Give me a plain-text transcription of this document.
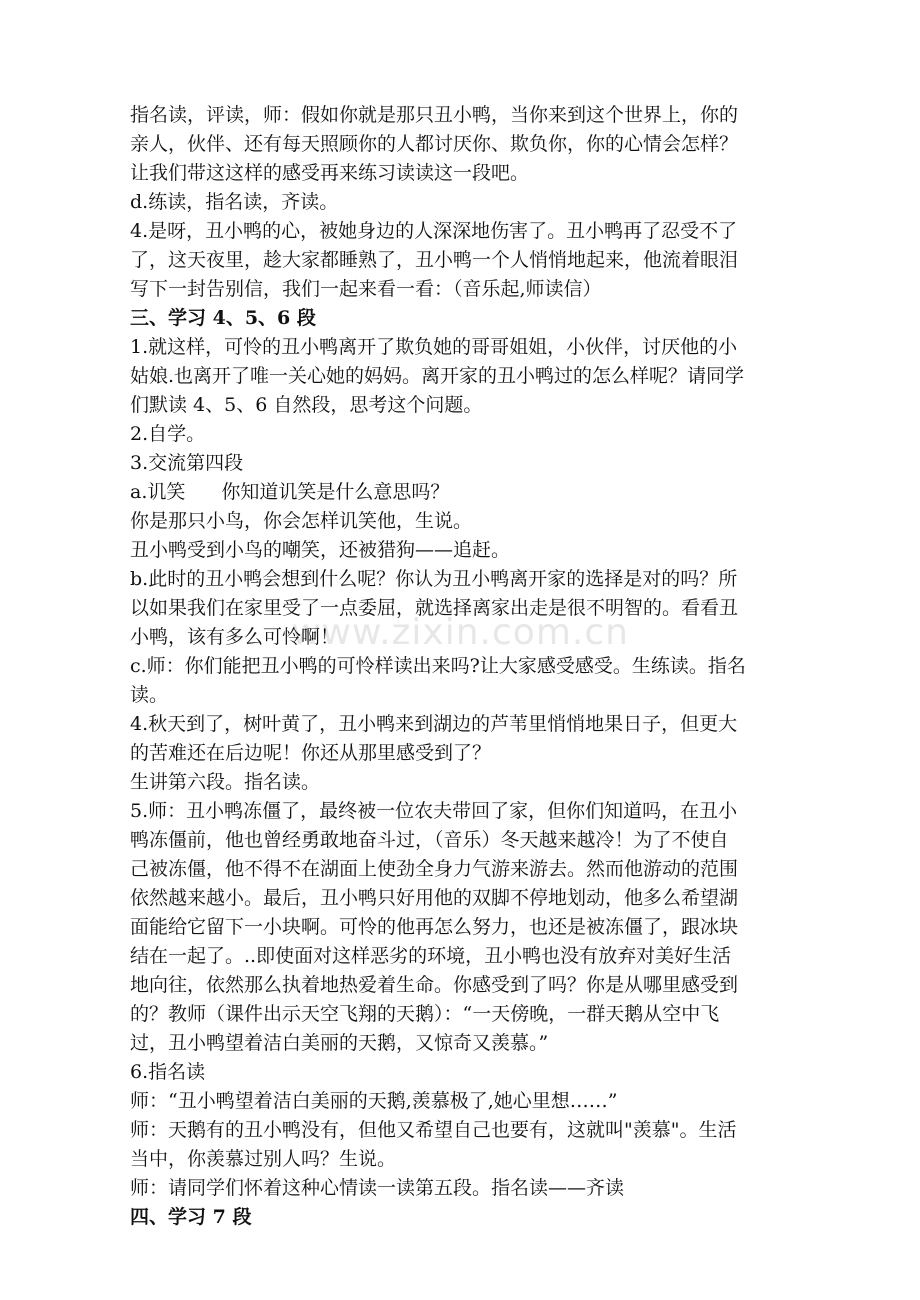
www.zixin.com.cn
指名读，评读，师：假如你就是那只丑小鸭，当你来到这个世界上，你的
亲人，伙伴、还有每天照顾你的人都讨厌你、欺负你，你的心情会怎样？
让我们带这这样的感受再来练习读读这一段吧。
d.练读，指名读，齐读。
4.是呀，丑小鸭的心，被她身边的人深深地伤害了。丑小鸭再了忍受不了
了，这天夜里，趁大家都睡熟了，丑小鸭一个人悄悄地起来，他流着眼泪
写下一封告别信，我们一起来看一看：（音乐起,师读信）
三、学习 4、5、6 段
1.就这样，可怜的丑小鸭离开了欺负她的哥哥姐姐，小伙伴，讨厌他的小
姑娘.也离开了唯一关心她的妈妈。离开家的丑小鸭过的怎么样呢？请同学
们默读 4、5、6 自然段，思考这个问题。
2.自学。
3.交流第四段
a.讥笑 你知道讥笑是什么意思吗？
你是那只小鸟，你会怎样讥笑他，生说。
丑小鸭受到小鸟的嘲笑，还被猎狗——追赶。
b.此时的丑小鸭会想到什么呢？你认为丑小鸭离开家的选择是对的吗？所
以如果我们在家里受了一点委屈，就选择离家出走是很不明智的。看看丑
小鸭，该有多么可怜啊！
c.师：你们能把丑小鸭的可怜样读出来吗?让大家感受感受。生练读。指名
读。
4.秋天到了，树叶黄了，丑小鸭来到湖边的芦苇里悄悄地果日子，但更大
的苦难还在后边呢！你还从那里感受到了？
生讲第六段。指名读。
5.师：丑小鸭冻僵了，最终被一位农夫带回了家，但你们知道吗，在丑小
鸭冻僵前，他也曾经勇敢地奋斗过，（音乐）冬天越来越冷！为了不使自
己被冻僵，他不得不在湖面上使劲全身力气游来游去。然而他游动的范围
依然越来越小。最后，丑小鸭只好用他的双脚不停地划动，他多么希望湖
面能给它留下一小块啊。可怜的他再怎么努力，也还是被冻僵了，跟冰块
结在一起了。..即使面对这样恶劣的环境，丑小鸭也没有放弃对美好生活
地向往，依然那么执着地热爱着生命。你感受到了吗？你是从哪里感受到
的？教师（课件出示天空飞翔的天鹅）：“一天傍晚，一群天鹅从空中飞
过，丑小鸭望着洁白美丽的天鹅，又惊奇又羡慕。”
6.指名读
师：“丑小鸭望着洁白美丽的天鹅,羡慕极了,她心里想……”
师：天鹅有的丑小鸭没有，但他又希望自己也要有，这就叫"羡慕"。生活
当中，你羡慕过别人吗？生说。
师：请同学们怀着这种心情读一读第五段。指名读——齐读
四、学习 7 段
